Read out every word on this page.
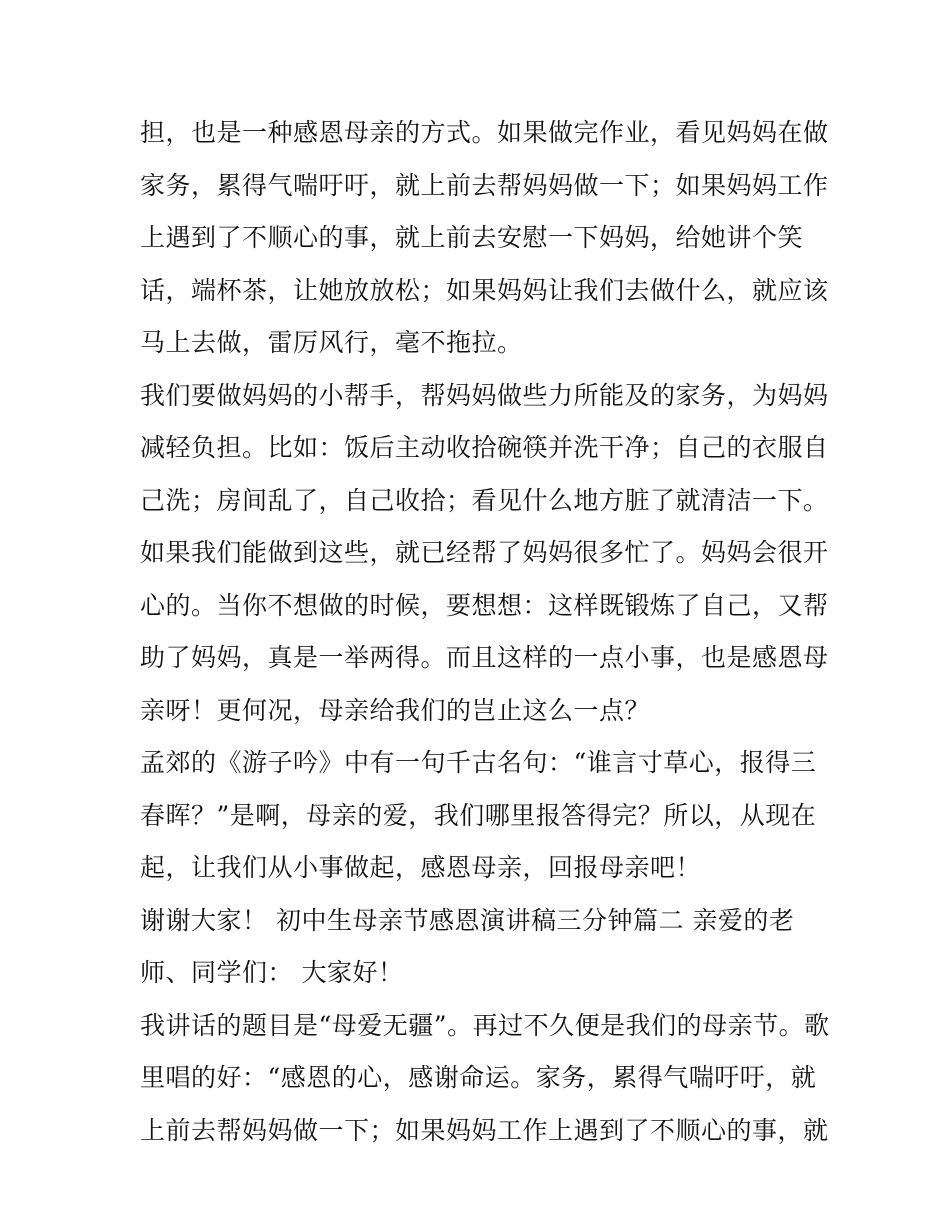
担，也是一种感恩母亲的方式。如果做完作业，看见妈妈在做
家务，累得气喘吁吁，就上前去帮妈妈做一下；如果妈妈工作
上遇到了不顺心的事，就上前去安慰一下妈妈，给她讲个笑
话，端杯茶，让她放放松；如果妈妈让我们去做什么，就应该
马上去做，雷厉风行，毫不拖拉。
我们要做妈妈的小帮手，帮妈妈做些力所能及的家务，为妈妈
减轻负担。比如：饭后主动收拾碗筷并洗干净；自己的衣服自
己洗；房间乱了，自己收拾；看见什么地方脏了就清洁一下。
如果我们能做到这些，就已经帮了妈妈很多忙了。妈妈会很开
心的。当你不想做的时候，要想想：这样既锻炼了自己，又帮
助了妈妈，真是一举两得。而且这样的一点小事，也是感恩母
亲呀！更何况，母亲给我们的岂止这么一点？
孟郊的《游子吟》中有一句千古名句：“谁言寸草心，报得三
春晖？”是啊，母亲的爱，我们哪里报答得完？所以，从现在
起，让我们从小事做起，感恩母亲，回报母亲吧！
谢谢大家！ 初中生母亲节感恩演讲稿三分钟篇二 亲爱的老
师、同学们： 大家好！
我讲话的题目是“母爱无疆”。再过不久便是我们的母亲节。歌
里唱的好：“感恩的心，感谢命运。家务，累得气喘吁吁，就
上前去帮妈妈做一下；如果妈妈工作上遇到了不顺心的事，就
